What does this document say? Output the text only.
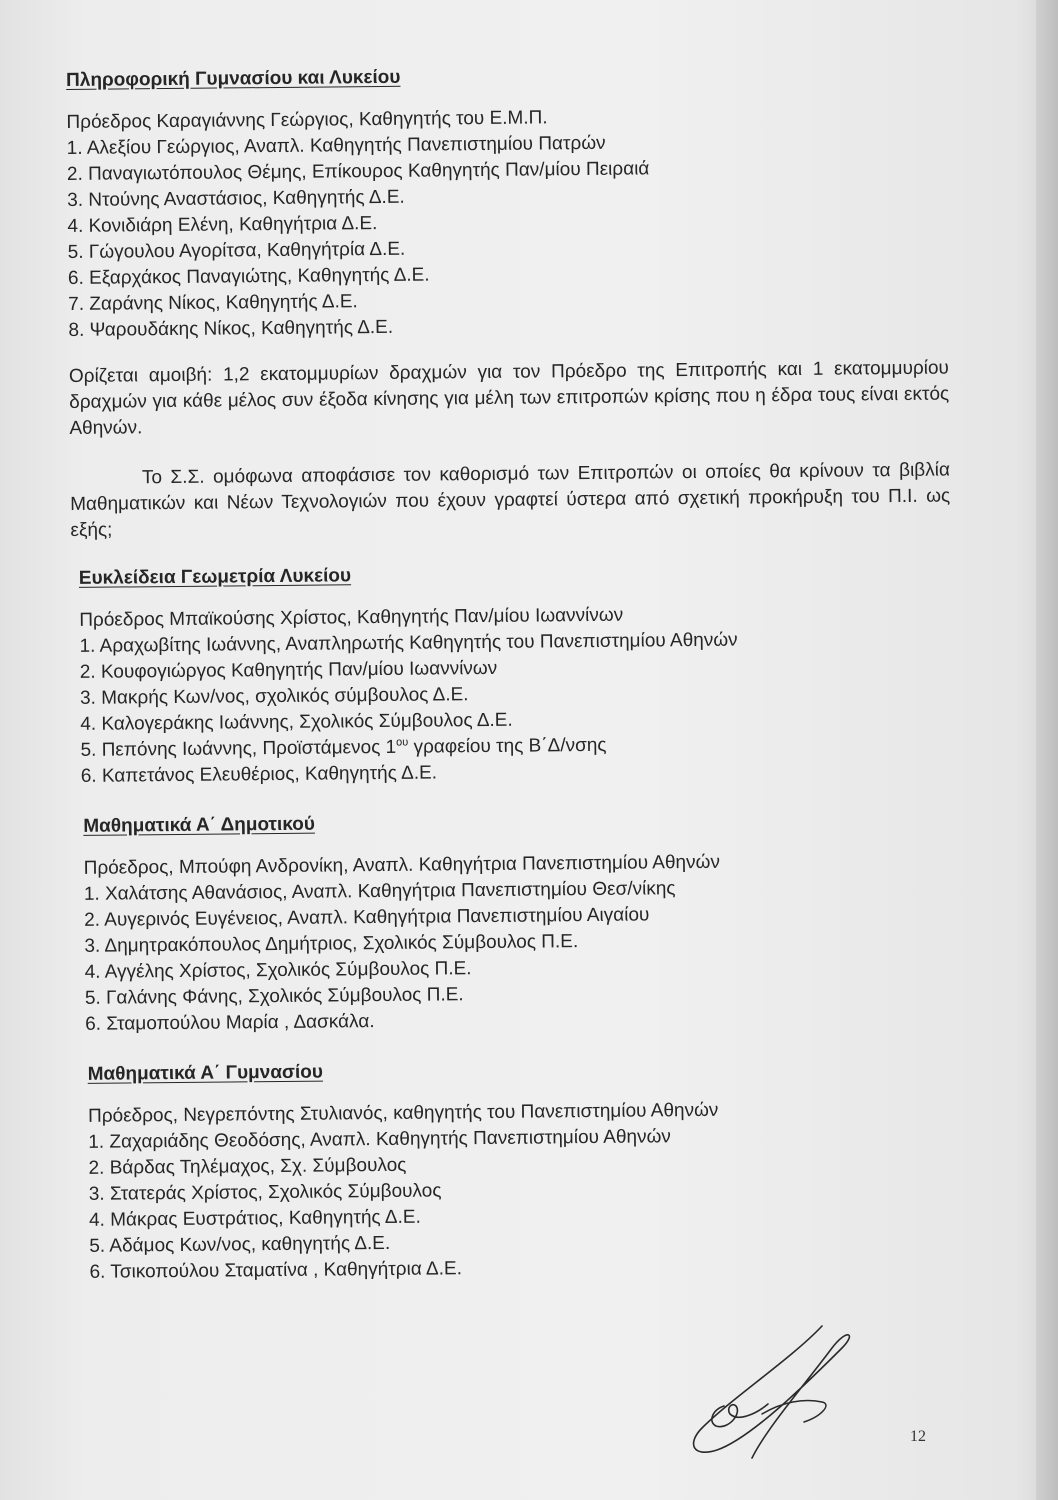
Πληροφορική Γυμνασίου και Λυκείου
Πρόεδρος Καραγιάννης Γεώργιος, Καθηγητής του Ε.Μ.Π.
1. Αλεξίου Γεώργιος, Αναπλ. Καθηγητής Πανεπιστημίου Πατρών
2. Παναγιωτόπουλος Θέμης, Επίκουρος Καθηγητής Παν/μίου Πειραιά
3. Ντούνης Αναστάσιος, Καθηγητής Δ.Ε.
4. Κονιδιάρη Ελένη, Καθηγήτρια Δ.Ε.
5. Γώγουλου Αγορίτσα, Καθηγήτρία Δ.Ε.
6. Εξαρχάκος Παναγιώτης, Καθηγητής Δ.Ε.
7. Ζαράνης Νίκος, Καθηγητής Δ.Ε.
8. Ψαρουδάκης Νίκος, Καθηγητής Δ.Ε.
Ορίζεται αμοιβή: 1,2 εκατομμυρίων δραχμών για τον Πρόεδρο της Επιτροπής και 1 εκατομμυρίου δραχμών για κάθε μέλος συν έξοδα κίνησης για μέλη των επιτροπών κρίσης που η έδρα τους είναι εκτός Αθηνών.
Το Σ.Σ. ομόφωνα αποφάσισε τον καθορισμό των Επιτροπών οι οποίες θα κρίνουν τα βιβλία Μαθηματικών και Νέων Τεχνολογιών που έχουν γραφτεί ύστερα από σχετική προκήρυξη του Π.Ι. ως εξής;
Ευκλείδεια Γεωμετρία Λυκείου
Πρόεδρος Μπαϊκούσης Χρίστος, Καθηγητής Παν/μίου Ιωαννίνων
1. Αραχωβίτης Ιωάννης, Αναπληρωτής Καθηγητής του Πανεπιστημίου Αθηνών
2. Κουφογιώργος Καθηγητής Παν/μίου Ιωαννίνων
3. Μακρής Κων/νος, σχολικός σύμβουλος Δ.Ε.
4. Καλογεράκης Ιωάννης, Σχολικός Σύμβουλος Δ.Ε.
5. Πεπόνης Ιωάννης, Προϊστάμενος $1^{o\upsilon}$ γραφείου της Β΄Δ/νσης
6. Καπετάνος Ελευθέριος, Καθηγητής Δ.Ε.
Μαθηματικά Α΄ Δημοτικού
Πρόεδρος, Μπούφη Ανδρονίκη, Αναπλ. Καθηγήτρια Πανεπιστημίου Αθηνών
1. Χαλάτσης Αθανάσιος, Αναπλ. Καθηγήτρια Πανεπιστημίου Θεσ/νίκης
2. Αυγερινός Ευγένειος, Αναπλ. Καθηγήτρια Πανεπιστημίου Αιγαίου
3. Δημητρακόπουλος Δημήτριος, Σχολικός Σύμβουλος Π.Ε.
4. Αγγέλης Χρίστος, Σχολικός Σύμβουλος Π.Ε.
5. Γαλάνης Φάνης, Σχολικός Σύμβουλος Π.Ε.
6. Σταμοπούλου Μαρία , Δασκάλα.
Μαθηματικά Α΄ Γυμνασίου
Πρόεδρος, Νεγρεπόντης Στυλιανός, καθηγητής του Πανεπιστημίου Αθηνών
1. Ζαχαριάδης Θεοδόσης, Αναπλ. Καθηγητής Πανεπιστημίου Αθηνών
2. Βάρδας Τηλέμαχος, Σχ. Σύμβουλος
3. Στατεράς Χρίστος, Σχολικός Σύμβουλος
4. Μάκρας Ευστράτιος, Καθηγητής Δ.Ε.
5. Αδάμος Κων/νος, καθηγητής Δ.Ε.
6. Τσικοπούλου Σταματίνα , Καθηγήτρια Δ.Ε.
12
